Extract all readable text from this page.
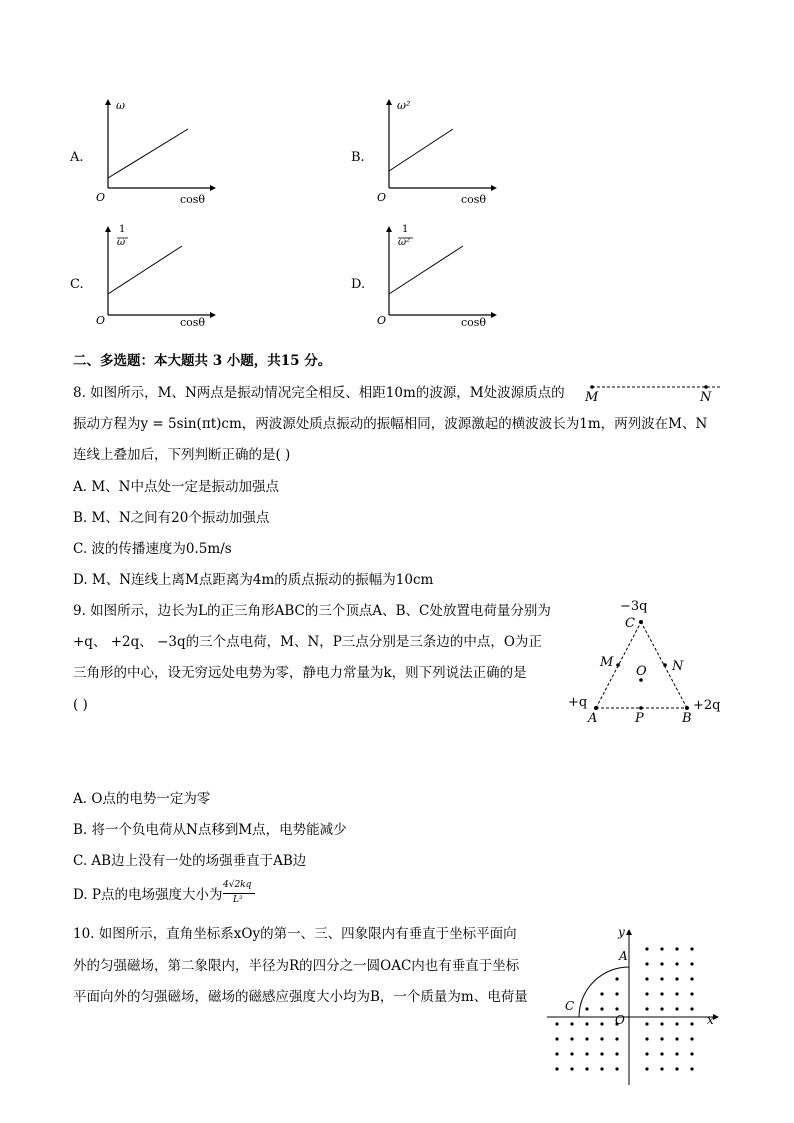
A.
ω
O	cosθ
B.
ω²
O	cosθ
C.
1
ω
O	cosθ
D.
1
ω²
O	cosθ
二、多选题：本大题共 3 小题，共15 分。
8. 如图所示，M、N两点是振动情况完全相反、相距10m的波源，M处波源质点的
振动方程为y = 5sin(πt)cm，两波源处质点振动的振幅相同，波源激起的横波波长为1m，两列波在M、N
连线上叠加后，下列判断正确的是( )
M	N
A. M、N中点处一定是振动加强点
B. M、N之间有20个振动加强点
C. 波的传播速度为0.5m/s
D. M、N连线上离M点距离为4m的质点振动的振幅为10cm
9. 如图所示，边长为L的正三角形ABC的三个顶点A、B、C处放置电荷量分别为
+q、 +2q、 −3q的三个点电荷，M、N，P三点分别是三条边的中点，O为正
三角形的中心，设无穷远处电势为零，静电力常量为k，则下列说法正确的是
( )
−3q
C
M	N
O
+q	+2q
A	P	B
A. O点的电势一定为零
B. 将一个负电荷从N点移到M点，电势能减少
C. AB边上没有一处的场强垂直于AB边
D. P点的电场强度大小为
4√2kq
L²
10. 如图所示，直角坐标系xOy的第一、三、四象限内有垂直于坐标平面向
外的匀强磁场，第二象限内，半径为R的四分之一圆OAC内也有垂直于坐标
平面向外的匀强磁场，磁场的磁感应强度大小均为B，一个质量为m、电荷量
y
A
C
O	x
